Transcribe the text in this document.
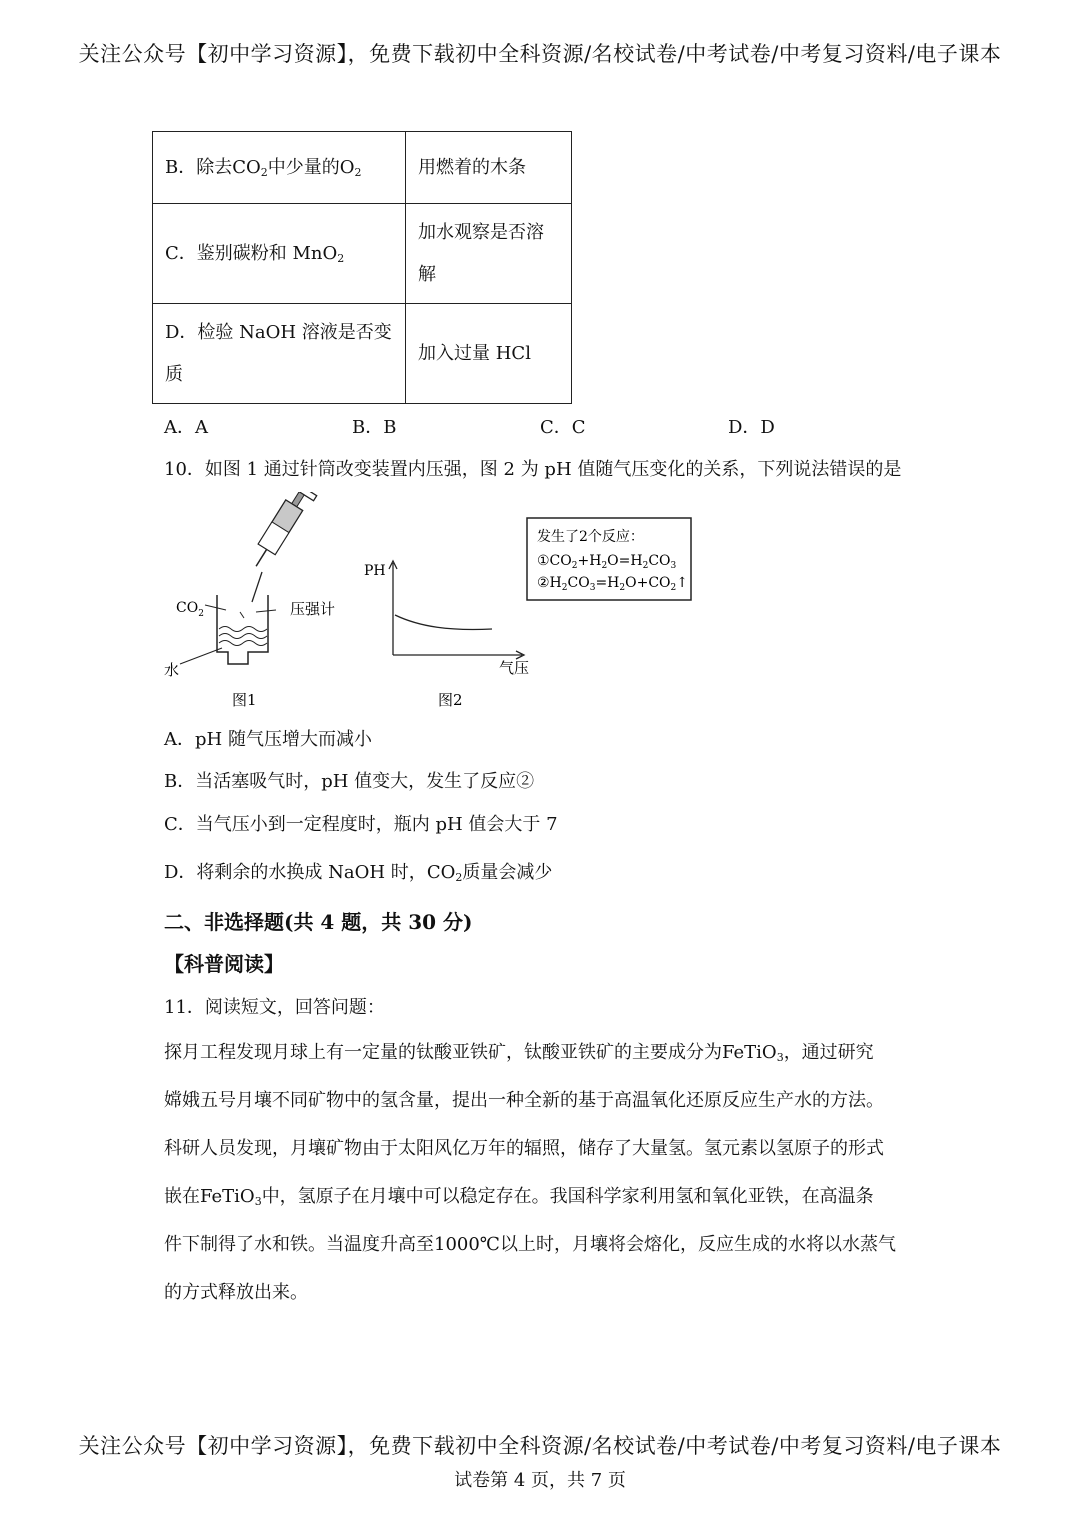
关注公众号【初中学习资源】，免费下载初中全科资源/名校试卷/中考试卷/中考复习资料/电子课本
B．除去$CO_2$中少量的$O_2$	用燃着的木条
C．鉴别碳粉和 MnO$_2$	加水观察是否溶
解

D．检验 NaOH 溶液是否变
质	加入过量 HCl
A．A	B．B	C．C	D．D
10．如图 1 通过针筒改变装置内压强，图 2 为 pH 值随气压变化的关系，下列说法错误的是
$CO_2$	压强计
水
图1
PH
气压
图2
发生了2个反应：
$①CO_2+H_2O=H_2CO_3$
$②H_2CO_3=H_2O+CO_2↑$
A．pH 随气压增大而减小
B．当活塞吸气时，pH 值变大，发生了反应②
C．当气压小到一定程度时，瓶内 pH 值会大于 7
D．将剩余的水换成 NaOH 时，$CO_2$质量会减少
二、非选择题(共 4 题，共 30 分)
【科普阅读】
11．阅读短文，回答问题：
探月工程发现月球上有一定量的钛酸亚铁矿，钛酸亚铁矿的主要成分为FeTiO$_3$，通过研究
嫦娥五号月壤不同矿物中的氢含量，提出一种全新的基于高温氧化还原反应生产水的方法。
科研人员发现，月壤矿物由于太阳风亿万年的辐照，储存了大量氢。氢元素以氢原子的形式
嵌在FeTiO$_3$中，氢原子在月壤中可以稳定存在。我国科学家利用氢和氧化亚铁，在高温条
件下制得了水和铁。当温度升高至1000℃以上时，月壤将会熔化，反应生成的水将以水蒸气
的方式释放出来。
关注公众号【初中学习资源】，免费下载初中全科资源/名校试卷/中考试卷/中考复习资料/电子课本
试卷第 4 页，共 7 页
